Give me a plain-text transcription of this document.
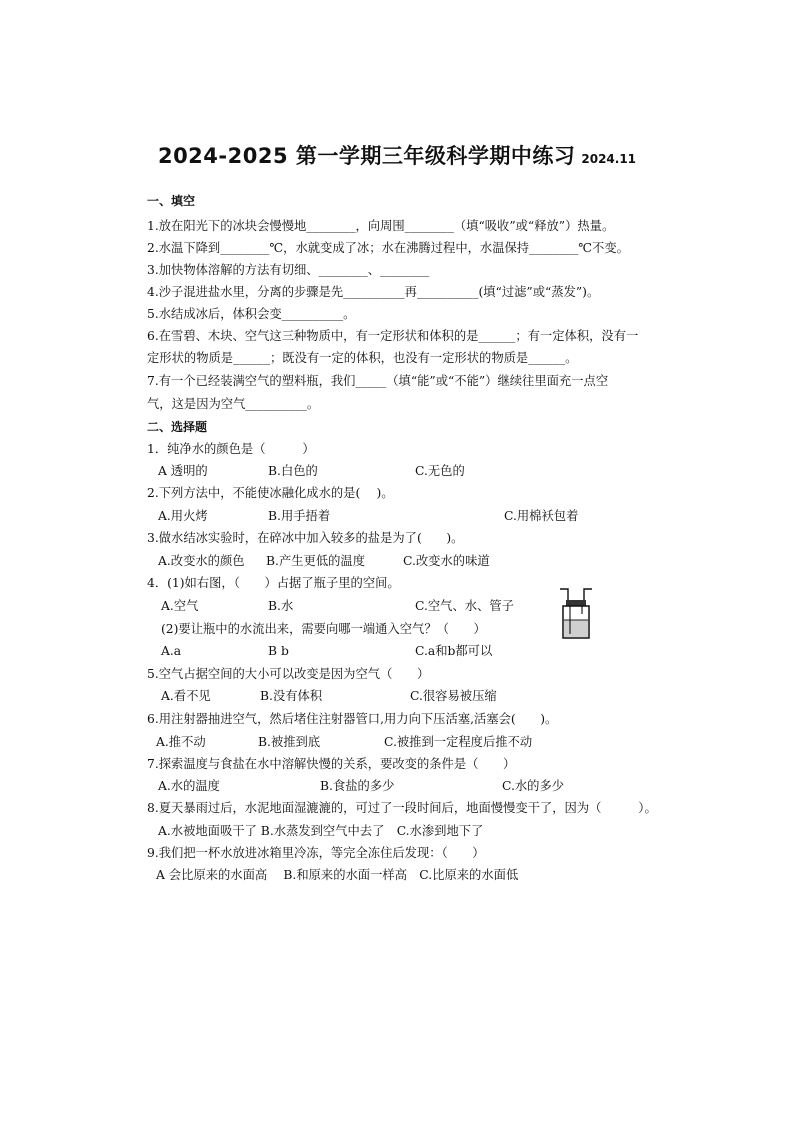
2024-2025 第一学期三年级科学期中练习 2024.11
一、填空
1.放在阳光下的冰块会慢慢地________，向周围________（填“吸收”或“释放”）热量。
2.水温下降到________℃，水就变成了冰；水在沸腾过程中，水温保持________℃不变。
3.加快物体溶解的方法有切细、________、________
4.沙子混进盐水里，分离的步骤是先__________再__________(填“过滤”或“蒸发”)。
5.水结成冰后，体积会变__________。
6.在雪碧、木块、空气这三种物质中，有一定形状和体积的是______；有一定体积，没有一
定形状的物质是______；既没有一定的体积，也没有一定形状的物质是______。
7.有一个已经装满空气的塑料瓶，我们_____（填“能”或“不能”）继续往里面充一点空
气，这是因为空气__________。
二、选择题
1．纯净水的颜色是（　　　）
A 透明的	B.白色的	C.无色的
2.下列方法中，不能使冰融化成水的是(　 )。
A.用火烤	B.用手捂着	C.用棉袄包着
3.做水结冰实验时，在碎冰中加入较多的盐是为了(　　)。
A.改变水的颜色 B.产生更低的温度	C.改变水的味道
4．(1)如右图，（　　）占据了瓶子里的空间。
A.空气	B.水	C.空气、水、管子
(2)要让瓶中的水流出来，需要向哪一端通入空气？（　　）
A.a	B b	C.a和b都可以
5.空气占据空间的大小可以改变是因为空气（　　）
A.看不见	B.没有体积	C.很容易被压缩
6.用注射器抽进空气，然后堵住注射器管口,用力向下压活塞,活塞会(　　)。
A.推不动	B.被推到底	C.被推到一定程度后推不动
7.探索温度与食盐在水中溶解快慢的关系，要改变的条件是（　　）
A.水的温度	B.食盐的多少	C.水的多少
8.夏天暴雨过后，水泥地面湿漉漉的，可过了一段时间后，地面慢慢变干了，因为（　　　）。
A.水被地面吸干了 B.水蒸发到空气中去了　C.水渗到地下了
9.我们把一杯水放进冰箱里冷冻，等完全冻住后发现：（　　）
A 会比原来的水面高　 B.和原来的水面一样高　C.比原来的水面低
